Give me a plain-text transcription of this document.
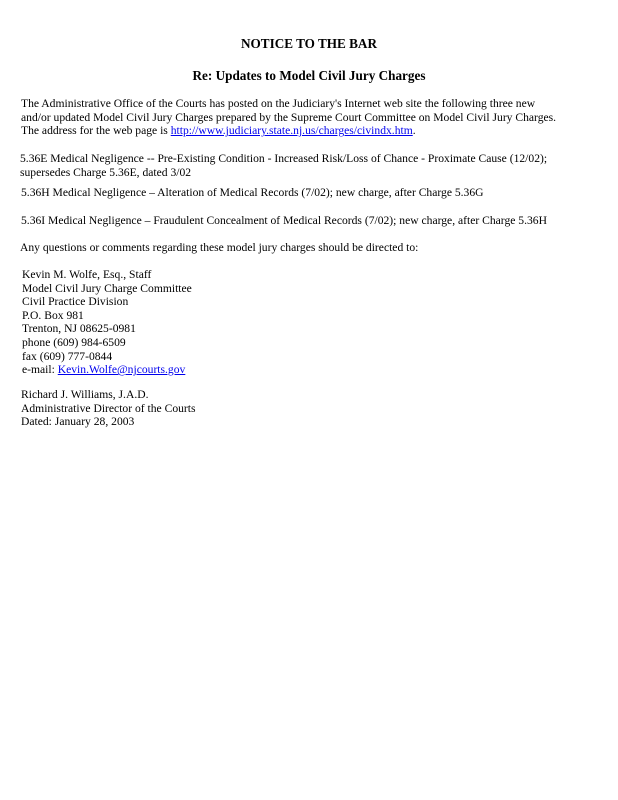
NOTICE TO THE BAR
Re: Updates to Model Civil Jury Charges
The Administrative Office of the Courts has posted on the Judiciary's Internet web site the following three new
and/or updated Model Civil Jury Charges prepared by the Supreme Court Committee on Model Civil Jury Charges.
The address for the web page is http://www.judiciary.state.nj.us/charges/civindx.htm.
5.36E Medical Negligence -- Pre-Existing Condition - Increased Risk/Loss of Chance - Proximate Cause (12/02);
supersedes Charge 5.36E, dated 3/02
5.36H Medical Negligence – Alteration of Medical Records (7/02); new charge, after Charge 5.36G
5.36I Medical Negligence – Fraudulent Concealment of Medical Records (7/02); new charge, after Charge 5.36H
Any questions or comments regarding these model jury charges should be directed to:
Kevin M. Wolfe, Esq., Staff
Model Civil Jury Charge Committee
Civil Practice Division
P.O. Box 981
Trenton, NJ 08625-0981
phone (609) 984-6509
fax (609) 777-0844
e-mail: Kevin.Wolfe@njcourts.gov
Richard J. Williams, J.A.D.
Administrative Director of the Courts
Dated: January 28, 2003
